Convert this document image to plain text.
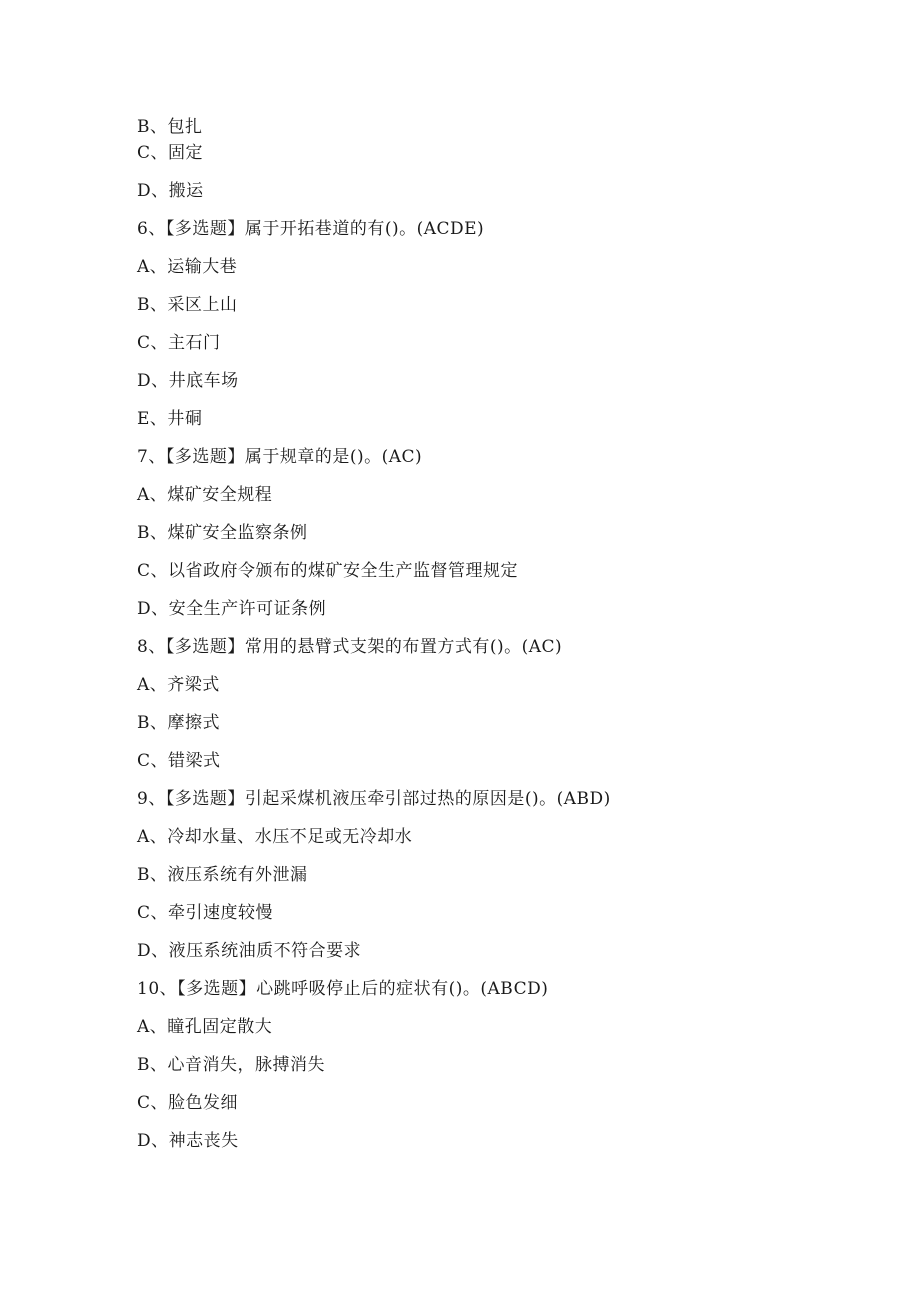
B、包扎
C、固定
D、搬运
6、【多选题】属于开拓巷道的有()。(ACDE)
A、运输大巷
B、采区上山
C、主石门
D、井底车场
E、井硐
7、【多选题】属于规章的是()。(AC)
A、煤矿安全规程
B、煤矿安全监察条例
C、以省政府令颁布的煤矿安全生产监督管理规定
D、安全生产许可证条例
8、【多选题】常用的悬臂式支架的布置方式有()。(AC)
A、齐梁式
B、摩擦式
C、错梁式
9、【多选题】引起采煤机液压牵引部过热的原因是()。(ABD)
A、冷却水量、水压不足或无冷却水
B、液压系统有外泄漏
C、牵引速度较慢
D、液压系统油质不符合要求
10、【多选题】心跳呼吸停止后的症状有()。(ABCD)
A、瞳孔固定散大
B、心音消失，脉搏消失
C、脸色发细
D、神志丧失
